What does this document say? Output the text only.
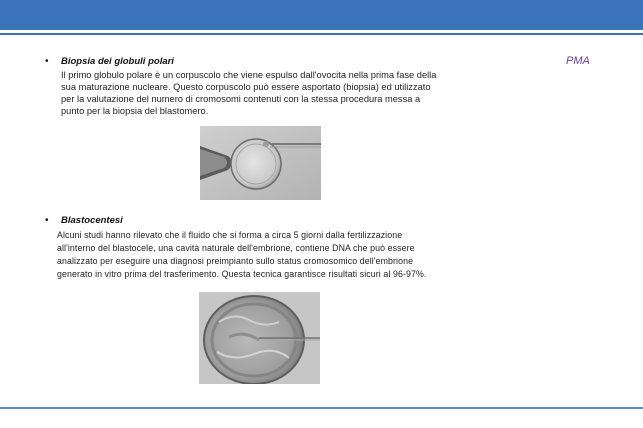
PMA
• Biopsia dei globuli polari

Il primo globulo polare è un corpuscolo che viene espulso dall'ovocita nella prima fase della

sua maturazione nucleare. Questo corpuscolo può essere asportato (biopsia) ed utilizzato

per la valutazione del numero di cromosomi contenuti con la stessa procedura messa a

punto per la biopsia del blastomero.

• Blastocentesi

Alcuni studi hanno rilevato che il fluido che si forma a circa 5 giorni dalla fertilizzazione

all'interno del blastocele, una cavità naturale dell'embrione, contiene DNA che può essere

analizzato per eseguire una diagnosi preimpianto sullo status cromosomico dell'embrione

generato in vitro prima del trasferimento. Questa tecnica garantisce risultati sicuri al 96-97%.
